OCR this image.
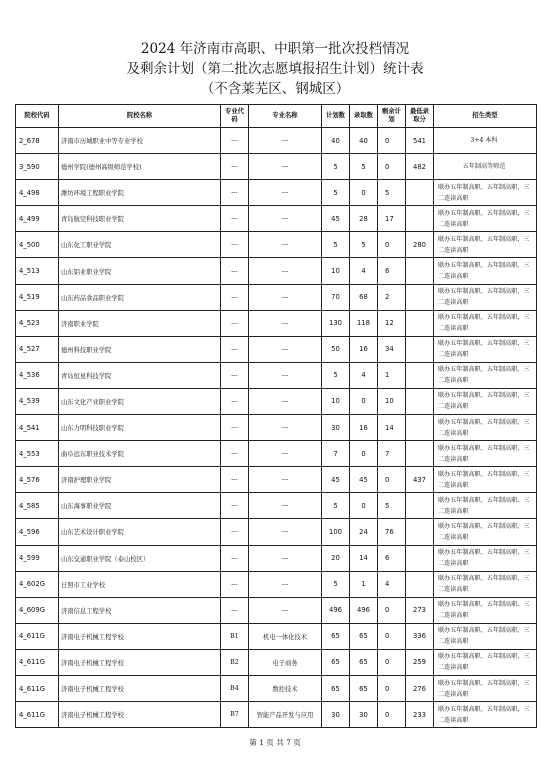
2024 年济南市高职、中职第一批次投档情况
及剩余计划（第二批次志愿填报招生计划）统计表
（不含莱芜区、钢城区）
院校代码	院校名称	专业代码	专业名称	计划数	录取数	剩余计划	最低录取分	招生类型
2_678	济南市历城职业中等专业学校	---	---	40	40	0	541	3+4 本科
3_590	德州学院(德州高级师范学校)	---	---	5	5	0	482	五年制高等师范
4_498	潍坊环境工程职业学院	---	---	5	0	5		联办五年制高职、五年制高职、三二连读高职
4_499	青岛航空科技职业学院	---	---	45	28	17		联办五年制高职、五年制高职、三二连读高职
4_500	山东化工职业学院	---	---	5	5	0	280	联办五年制高职、五年制高职、三二连读高职
4_513	山东铝业职业学院	---	---	10	4	6		联办五年制高职、五年制高职、三二连读高职
4_519	山东药品食品职业学院	---	---	70	68	2		联办五年制高职、五年制高职、三二连读高职
4_523	济南职业学院	---	---	130	118	12		联办五年制高职、五年制高职、三二连读高职
4_527	德州科技职业学院	---	---	50	16	34		联办五年制高职、五年制高职、三二连读高职
4_536	青岛恒星科技学院	---	---	5	4	1		联办五年制高职、五年制高职、三二连读高职
4_539	山东文化产业职业学院	---	---	10	0	10		联办五年制高职、五年制高职、三二连读高职
4_541	山东力明科技职业学院	---	---	30	16	14		联办五年制高职、五年制高职、三二连读高职
4_553	曲阜远东职业技术学院	---	---	7	0	7		联办五年制高职、五年制高职、三二连读高职
4_576	济南护理职业学院	---	---	45	45	0	437	联办五年制高职、五年制高职、三二连读高职
4_585	山东海事职业学院	---	---	5	0	5		联办五年制高职、五年制高职、三二连读高职
4_596	山东艺术设计职业学院	---	---	100	24	76		联办五年制高职、五年制高职、三二连读高职
4_599	山东交通职业学院（泰山校区）	---	---	20	14	6		联办五年制高职、五年制高职、三二连读高职
4_602G	日照市工业学校	---	---	5	1	4		联办五年制高职、五年制高职、三二连读高职
4_609G	济南信息工程学校	---	---	496	496	0	273	联办五年制高职、五年制高职、三二连读高职
4_611G	济南电子机械工程学校	B1	机电一体化技术	65	65	0	336	联办五年制高职、五年制高职、三二连读高职
4_611G	济南电子机械工程学校	B2	电子商务	65	65	0	259	联办五年制高职、五年制高职、三二连读高职
4_611G	济南电子机械工程学校	B4	数控技术	65	65	0	276	联办五年制高职、五年制高职、三二连读高职
4_611G	济南电子机械工程学校	B7	智能产品开发与应用	30	30	0	233	联办五年制高职、五年制高职、三二连读高职
第 1 页 共 7 页
